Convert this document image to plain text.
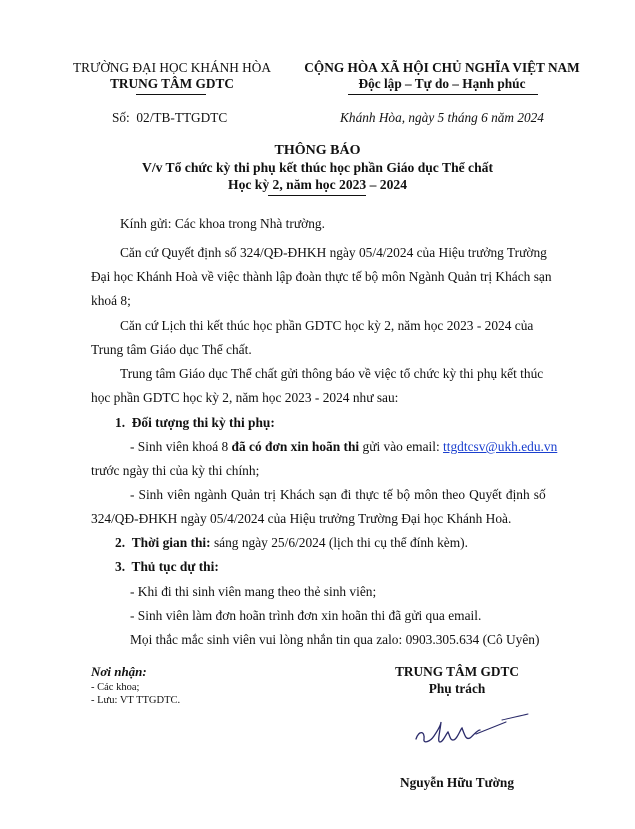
TRƯỜNG ĐẠI HỌC KHÁNH HÒA
TRUNG TÂM GDTC
Số: 02/TB-TTGDTC
CỘNG HÒA XÃ HỘI CHỦ NGHĨA VIỆT NAM
Độc lập – Tự do – Hạnh phúc
Khánh Hòa, ngày 5 tháng 6 năm 2024
THÔNG BÁO
V/v Tổ chức kỳ thi phụ kết thúc học phần Giáo dục Thể chất
Học kỳ 2, năm học 2023 – 2024
Kính gửi: Các khoa trong Nhà trường.
Căn cứ Quyết định số 324/QĐ-ĐHKH ngày 05/4/2024 của Hiệu trưởng Trường
Đại học Khánh Hoà về việc thành lập đoàn thực tế bộ môn Ngành Quản trị Khách sạn
khoá 8;
Căn cứ Lịch thi kết thúc học phần GDTC học kỳ 2, năm học 2023 - 2024 của
Trung tâm Giáo dục Thể chất.
Trung tâm Giáo dục Thể chất gửi thông báo về việc tổ chức kỳ thi phụ kết thúc
học phần GDTC học kỳ 2, năm học 2023 - 2024 như sau:
1. Đối tượng thi kỳ thi phụ:
- Sinh viên khoá 8 đã có đơn xin hoãn thi gửi vào email: ttgdtcsv@ukh.edu.vn
trước ngày thi của kỳ thi chính;
- Sinh viên ngành Quản trị Khách sạn đi thực tế bộ môn theo Quyết định số
324/QĐ-ĐHKH ngày 05/4/2024 của Hiệu trưởng Trường Đại học Khánh Hoà.
2. Thời gian thi: sáng ngày 25/6/2024 (lịch thi cụ thể đính kèm).
3. Thủ tục dự thi:
- Khi đi thi sinh viên mang theo thẻ sinh viên;
- Sinh viên làm đơn hoãn trình đơn xin hoãn thi đã gửi qua email.
Mọi thắc mắc sinh viên vui lòng nhắn tin qua zalo: 0903.305.634 (Cô Uyên)
Nơi nhận:
- Các khoa;
- Lưu: VT TTGDTC.
TRUNG TÂM GDTC
Phụ trách
Nguyễn Hữu Tường
